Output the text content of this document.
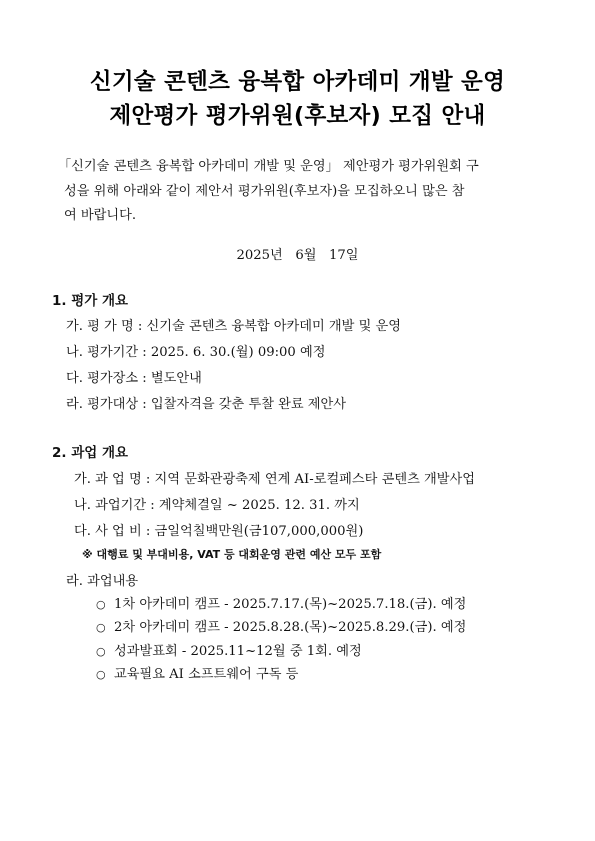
신기술 콘텐츠 융복합 아카데미 개발 운영
제안평가 평가위원(후보자) 모집 안내
「신기술 콘텐츠 융복합 아카데미 개발 및 운영」 제안평가 평가위원회 구
성을 위해 아래와 같이 제안서 평가위원(후보자)을 모집하오니 많은 참
여 바랍니다.
2025년   6월   17일
1. 평가 개요
가. 평 가 명 : 신기술 콘텐츠 융복합 아카데미 개발 및 운영
나. 평가기간 : 2025. 6. 30.(월) 09:00 예정
다. 평가장소 : 별도안내
라. 평가대상 : 입찰자격을 갖춘 투찰 완료 제안사
2. 과업 개요
가. 과 업 명 : 지역 문화관광축제 연계 AI-로컬페스타 콘텐츠 개발사업
나. 과업기간 : 계약체결일 ~ 2025. 12. 31. 까지
다. 사 업 비 : 금일억칠백만원(금107,000,000원)
※ 대행료 및 부대비용, VAT 등 대회운영 관련 예산 모두 포함
라. 과업내용
○ 1차 아카데미 캠프 - 2025.7.17.(목)~2025.7.18.(금). 예정
○ 2차 아카데미 캠프 - 2025.8.28.(목)~2025.8.29.(금). 예정
○ 성과발표회 - 2025.11~12월 중 1회. 예정
○ 교육필요 AI 소프트웨어 구독 등
